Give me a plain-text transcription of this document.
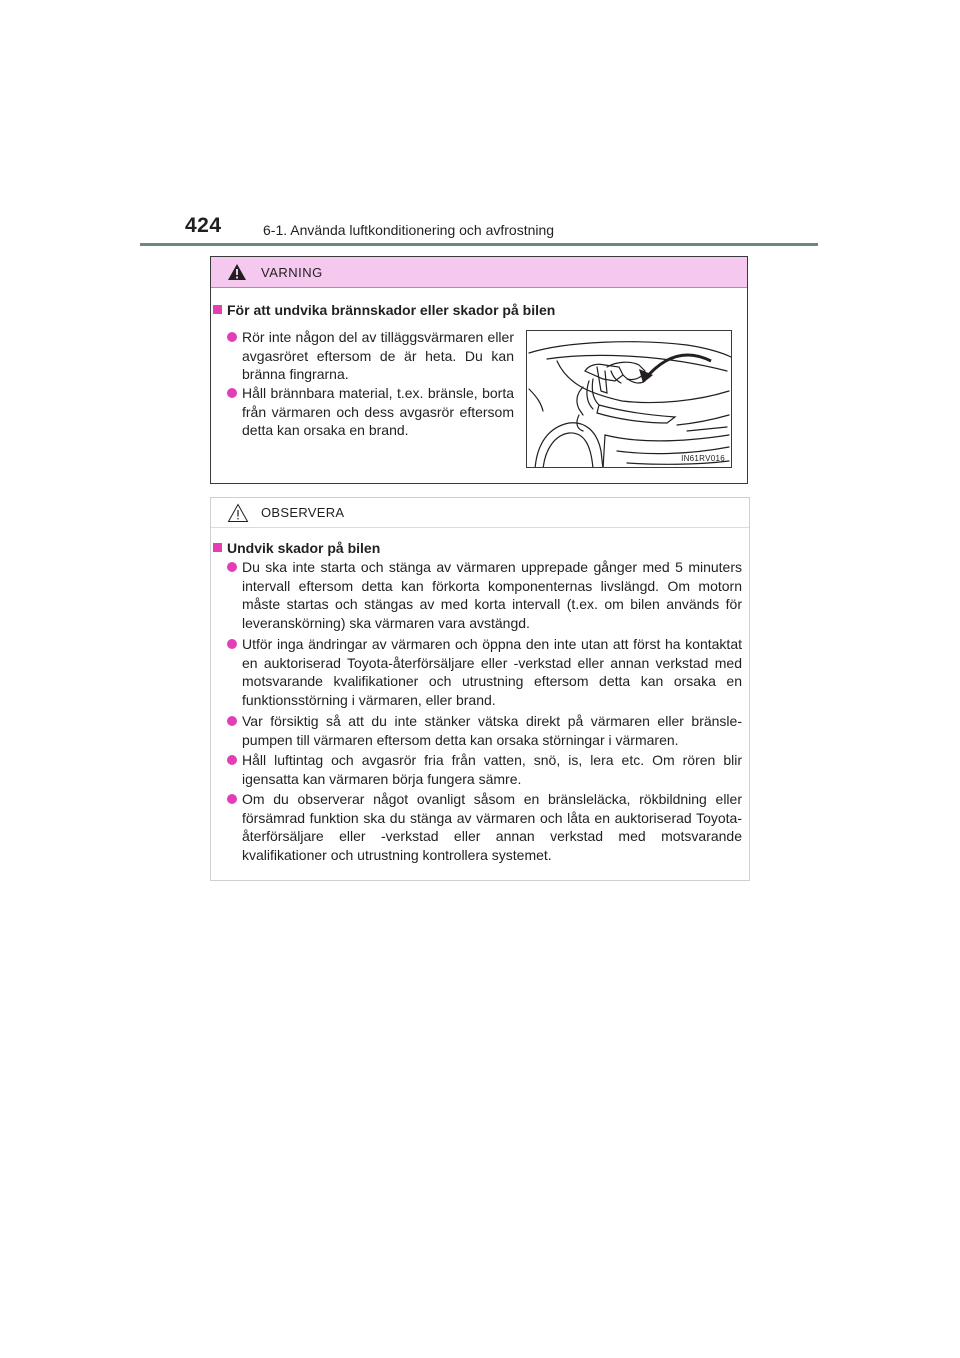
424	6-1. Använda luftkonditionering och avfrostning
VARNING
För att undvika brännskador eller skador på bilen
Rör inte någon del av tilläggsvärmaren eller avgasröret eftersom de är heta. Du kan bränna fingrarna.
Håll brännbara material, t.ex. bränsle, borta från värmaren och dess avgasrör eftersom detta kan orsaka en brand.
IN61RV016
OBSERVERA
Undvik skador på bilen
Du ska inte starta och stänga av värmaren upprepade gånger med 5 minuters intervall eftersom detta kan förkorta komponenternas livslängd. Om motorn måste startas och stängas av med korta intervall (t.ex. om bilen används för leveranskörning) ska värmaren vara avstängd.
Utför inga ändringar av värmaren och öppna den inte utan att först ha kontaktat en auktoriserad Toyota-återförsäljare eller -verkstad eller annan verkstad med motsvarande kvalifikationer och utrustning eftersom detta kan orsaka en funktionsstörning i värmaren, eller brand.
Var försiktig så att du inte stänker vätska direkt på värmaren eller bränslepumpen till värmaren eftersom detta kan orsaka störningar i värmaren.
Håll luftintag och avgasrör fria från vatten, snö, is, lera etc. Om rören blir igensatta kan värmaren börja fungera sämre.
Om du observerar något ovanligt såsom en bränsleläcka, rökbildning eller försämrad funktion ska du stänga av värmaren och låta en auktoriserad Toyota-återförsäljare eller -verkstad eller annan verkstad med motsvarande kvalifikationer och utrustning kontrollera systemet.
